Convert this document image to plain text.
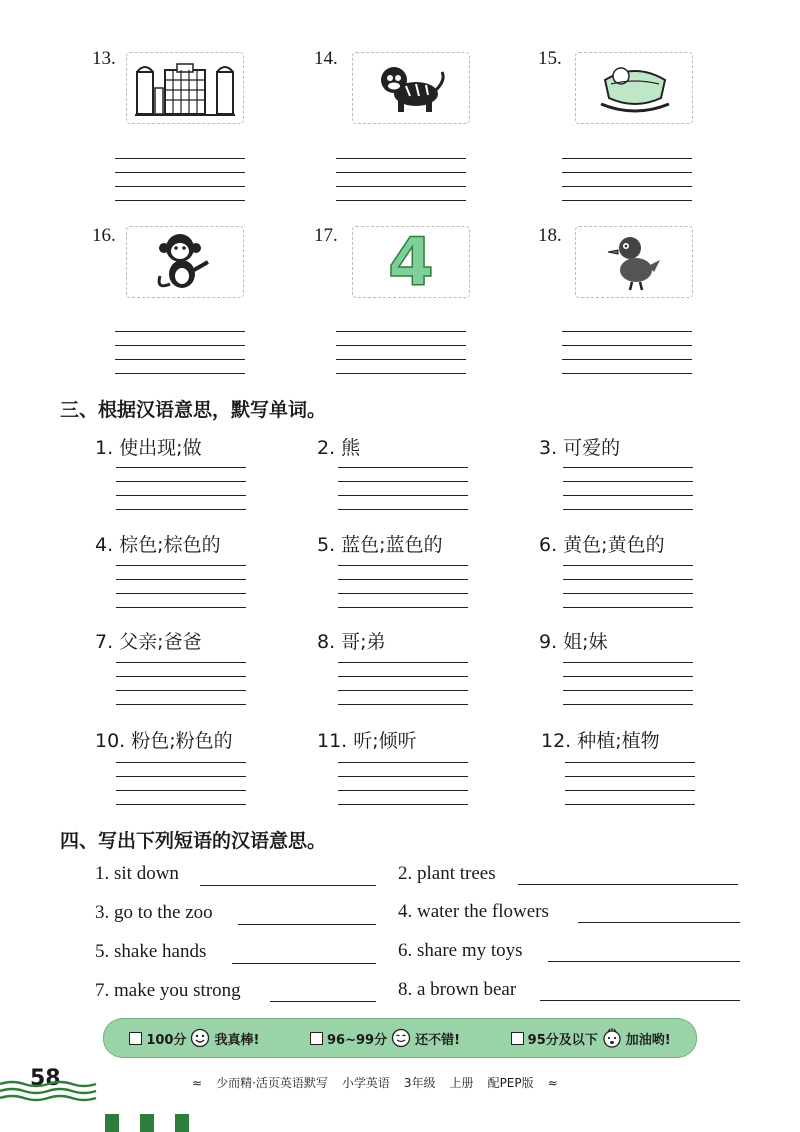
13.	14.	15.
16.	17. 4	18.
三、根据汉语意思，默写单词。
1. 使出现;做	2. 熊	3. 可爱的
4. 棕色;棕色的	5. 蓝色;蓝色的	6. 黄色;黄色的
7. 父亲;爸爸	8. 哥;弟	9. 姐;妹
10. 粉色;粉色的	11. 听;倾听	12. 种植;植物
四、写出下列短语的汉语意思。
1. sit down	2. plant trees
3. go to the zoo	4. water the flowers
5. shake hands	6. share my toys
7. make you strong	8. a brown bear
100分 我真棒!	96~99分 还不错!	95分及以下 加油哟!
58	≈ 少而精·活页英语默写 小学英语 3年级 上册 配PEP版 ≈
